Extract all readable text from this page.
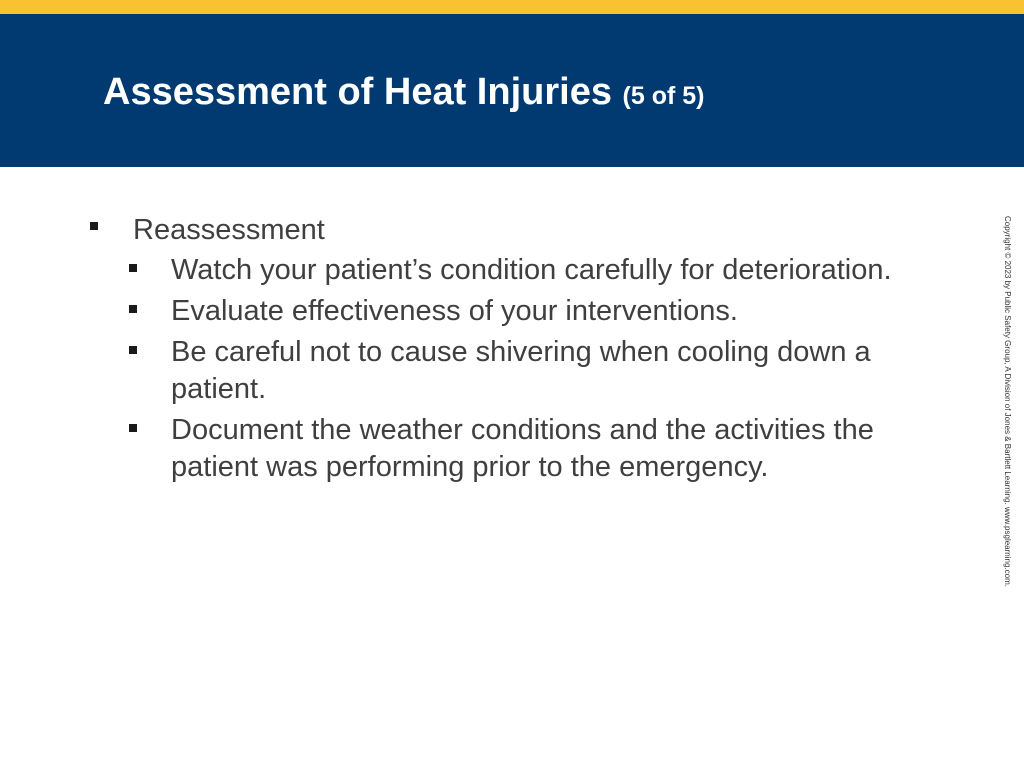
Assessment of Heat Injuries (5 of 5)
Reassessment
Watch your patient’s condition carefully for deterioration.
Evaluate effectiveness of your interventions.
Be careful not to cause shivering when cooling down a patient.
Document the weather conditions and the activities the patient was performing prior to the emergency.	Copyright © 2023 by Public Safety Group, A Division of Jones & Bartlett Learning. www.psglearning.com.
